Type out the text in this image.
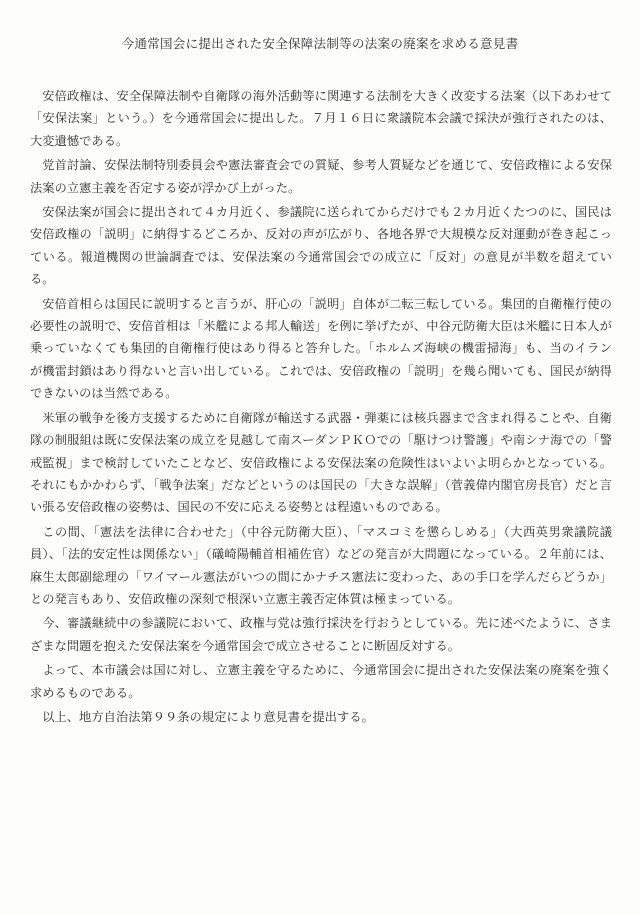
今通常国会に提出された安全保障法制等の法案の廃案を求める意見書

安倍政権は、安全保障法制や自衛隊の海外活動等に関連する法制を大きく改変する法案（以下あわせて「安保法案」という。）を今通常国会に提出した。７月１６日に衆議院本会議で採決が強行されたのは、大変遺憾である。

党首討論、安保法制特別委員会や憲法審査会での質疑、参考人質疑などを通じて、安倍政権による安保法案の立憲主義を否定する姿が浮かび上がった。

安保法案が国会に提出されて４カ月近く、参議院に送られてからだけでも２カ月近くたつのに、国民は安倍政権の「説明」に納得するどころか、反対の声が広がり、各地各界で大規模な反対運動が巻き起こっている。報道機関の世論調査では、安保法案の今通常国会での成立に「反対」の意見が半数を超えている。

安倍首相らは国民に説明すると言うが、肝心の「説明」自体が二転三転している。集団的自衛権行使の必要性の説明で、安倍首相は「米艦による邦人輸送」を例に挙げたが、中谷元防衛大臣は米艦に日本人が乗っていなくても集団的自衛権行使はあり得ると答弁した。「ホルムズ海峡の機雷掃海」も、当のイランが機雷封鎖はあり得ないと言い出している。これでは、安倍政権の「説明」を幾ら聞いても、国民が納得できないのは当然である。

米軍の戦争を後方支援するために自衛隊が輸送する武器・弾薬には核兵器まで含まれ得ることや、自衛隊の制服組は既に安保法案の成立を見越して南スーダンＰＫＯでの「駆けつけ警護」や南シナ海での「警戒監視」まで検討していたことなど、安倍政権による安保法案の危険性はいよいよ明らかとなっている。それにもかかわらず、「戦争法案」だなどというのは国民の「大きな誤解」（菅義偉内閣官房長官）だと言い張る安倍政権の姿勢は、国民の不安に応える姿勢とは程遠いものである。

この間、「憲法を法律に合わせた」（中谷元防衛大臣）、「マスコミを懲らしめる」（大西英男衆議院議員）、「法的安定性は関係ない」（礒崎陽輔首相補佐官）などの発言が大問題になっている。２年前には、麻生太郎副総理の「ワイマール憲法がいつの間にかナチス憲法に変わった、あの手口を学んだらどうか」との発言もあり、安倍政権の深刻で根深い立憲主義否定体質は極まっている。

今、審議継続中の参議院において、政権与党は強行採決を行おうとしている。先に述べたように、さまざまな問題を抱えた安保法案を今通常国会で成立させることに断固反対する。

よって、本市議会は国に対し、立憲主義を守るために、今通常国会に提出された安保法案の廃案を強く求めるものである。

以上、地方自治法第９９条の規定により意見書を提出する。
